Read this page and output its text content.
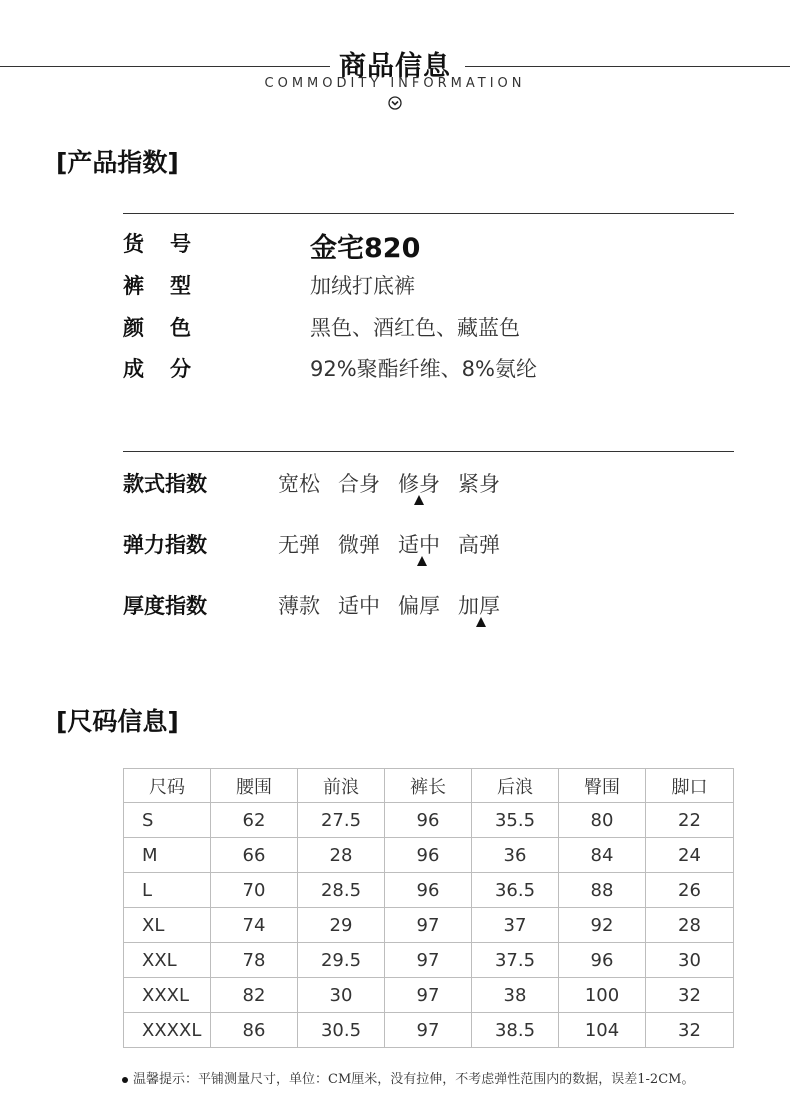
商品信息
COMMODITY INFORMATION
[产品指数]
货号	金宅820
裤型	加绒打底裤
颜色	黑色、酒红色、藏蓝色
成分	92%聚酯纤维、8%氨纶
款式指数	宽松 合身 修身 紧身
弹力指数	无弹 微弹 适中 高弹
厚度指数	薄款 适中 偏厚 加厚
[尺码信息]
尺码	腰围	前浪	裤长	后浪	臀围	脚口
S	62	27.5	96	35.5	80	22
M	66	28	96	36	84	24
L	70	28.5	96	36.5	88	26
XL	74	29	97	37	92	28
XXL	78	29.5	97	37.5	96	30
XXXL	82	30	97	38	100	32
XXXXL	86	30.5	97	38.5	104	32
温馨提示：平铺测量尺寸，单位：CM厘米，没有拉伸，不考虑弹性范围内的数据，误差1-2CM。
